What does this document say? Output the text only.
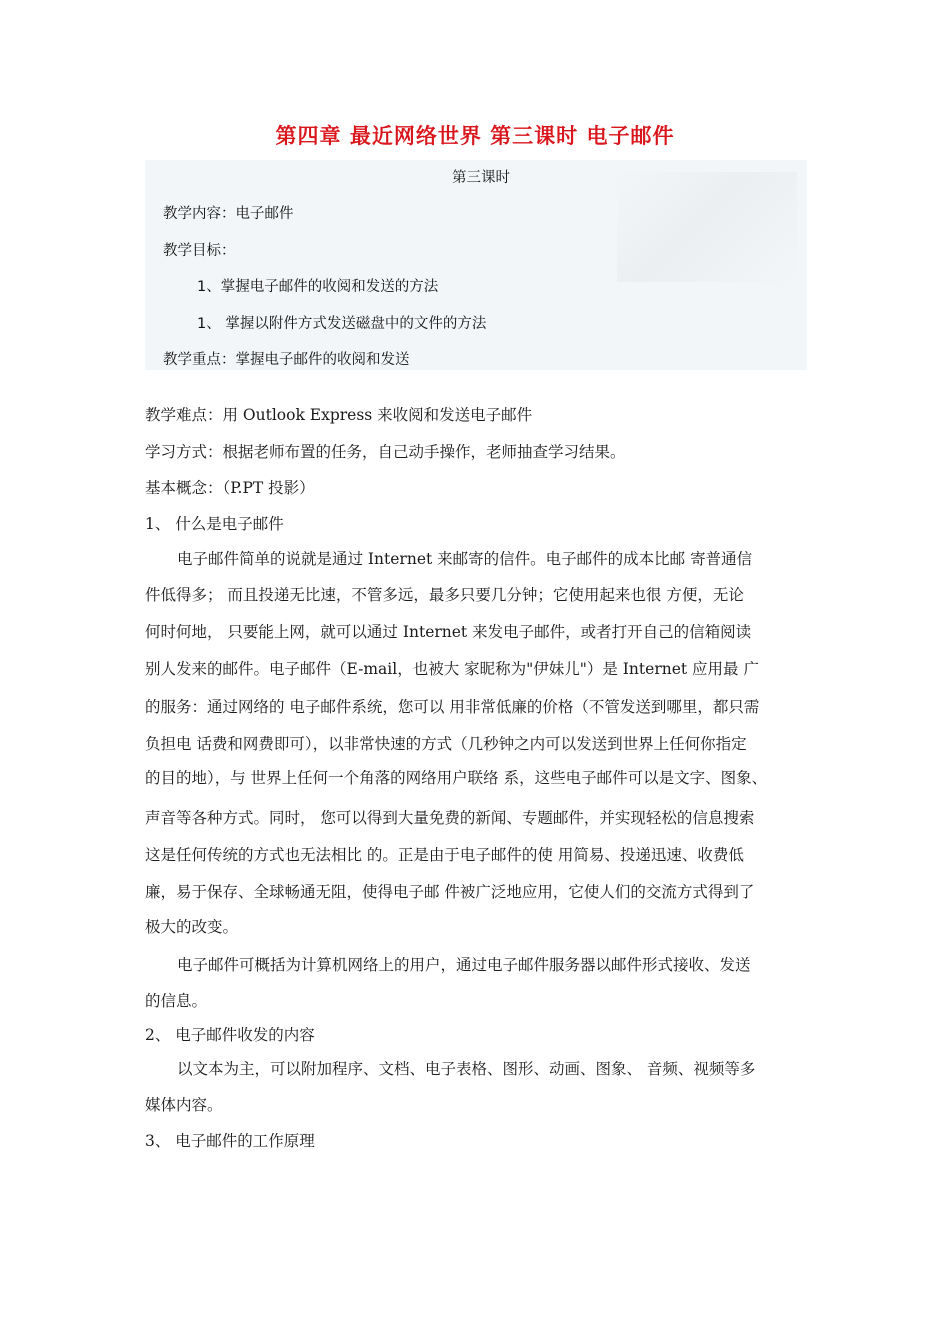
第四章 最近网络世界 第三课时 电子邮件
第三课时
教学内容：电子邮件
教学目标：
1、掌握电子邮件的收阅和发送的方法
1、 掌握以附件方式发送磁盘中的文件的方法
教学重点：掌握电子邮件的收阅和发送
教学难点：用 Outlook Express 来收阅和发送电子邮件
学习方式：根据老师布置的任务，自己动手操作，老师抽查学习结果。
基本概念：（P.PT 投影）
1、 什么是电子邮件
电子邮件简单的说就是通过 Internet 来邮寄的信件。电子邮件的成本比邮 寄普通信
件低得多； 而且投递无比速，不管多远，最多只要几分钟；它使用起来也很 方便，无论
何时何地， 只要能上网，就可以通过 Internet 来发电子邮件，或者打开自己的信箱阅读
别人发来的邮件。电子邮件（E-mail，也被大 家昵称为"伊妹儿"）是 Internet 应用最 广
的服务：通过网络的 电子邮件系统，您可以 用非常低廉的价格（不管发送到哪里，都只需
负担电 话费和网费即可），以非常快速的方式（几秒钟之内可以发送到世界上任何你指定
的目的地），与 世界上任何一个角落的网络用户联络 系，这些电子邮件可以是文字、图象、
声音等各种方式。同时， 您可以得到大量免费的新闻、专题邮件，并实现轻松的信息搜索
这是任何传统的方式也无法相比 的。正是由于电子邮件的使 用简易、投递迅速、收费低
廉，易于保存、全球畅通无阻，使得电子邮 件被广泛地应用，它使人们的交流方式得到了
极大的改变。
电子邮件可概括为计算机网络上的用户，通过电子邮件服务器以邮件形式接收、发送
的信息。
2、 电子邮件收发的内容
以文本为主，可以附加程序、文档、电子表格、图形、动画、图象、 音频、视频等多
媒体内容。
3、 电子邮件的工作原理
